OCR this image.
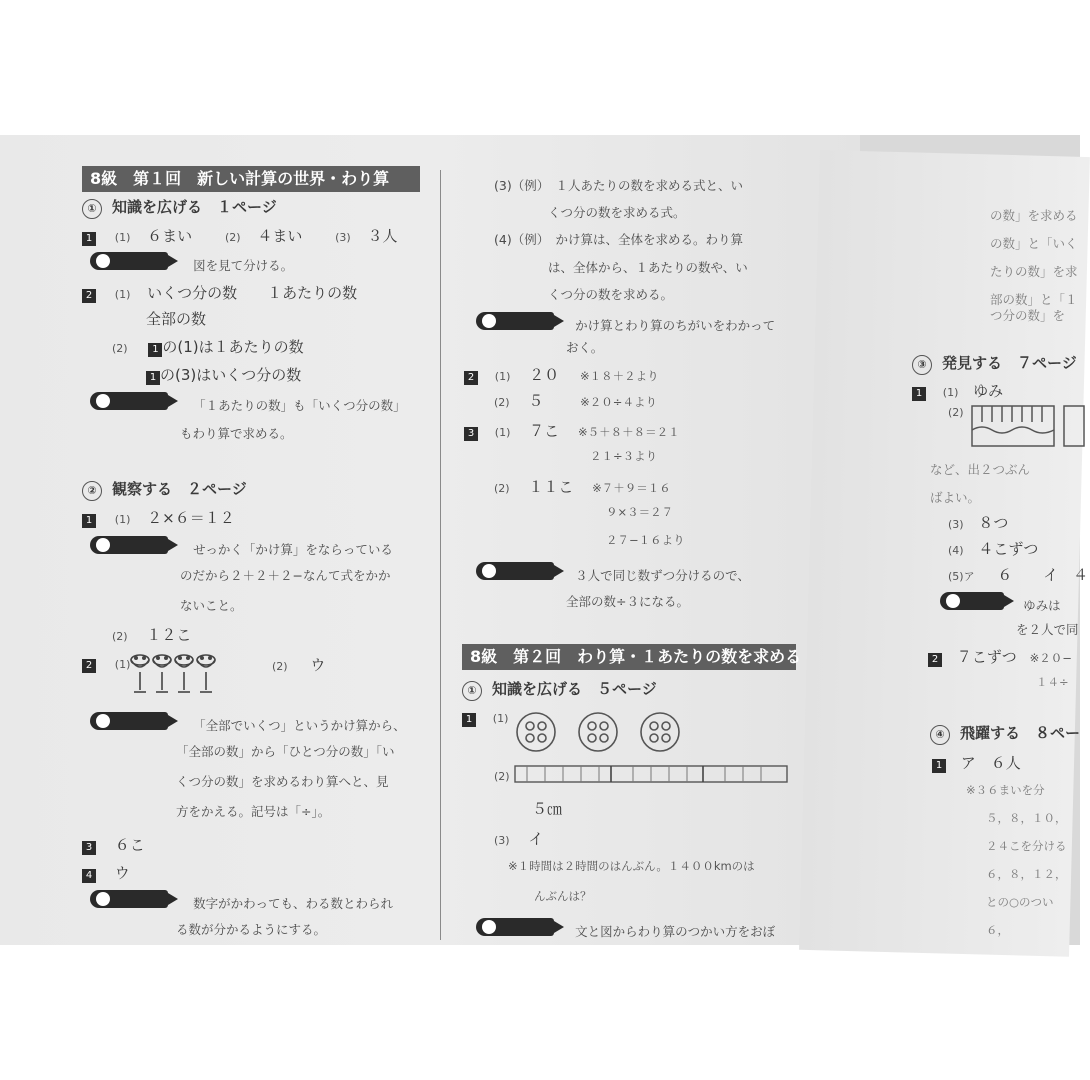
8級　第１回　新しい計算の世界・わり算
① 知識を広げる　１ページ
1 (1) ６まい	(2) ４まい	(3) ３人
図を見て分ける。
2 (1) いくつ分の数　　１あたりの数
全部の数
(2) 1 の(1)は１あたりの数
1 の(3)はいくつ分の数
「１あたりの数」も「いくつ分の数」
もわり算で求める。
② 観察する　２ページ
1 (1) ２×６＝１２
せっかく「かけ算」をならっている
のだから２＋２＋２−なんて式をかか
ないこと。
(2) １２こ
2 (1)	(2) ウ
「全部でいくつ」というかけ算から、
「全部の数」から「ひとつ分の数」「い
くつ分の数」を求めるわり算へと、見
方をかえる。記号は「÷」。
3 ６こ
4 ウ
数字がかわっても、わる数とわられ
る数が分かるようにする。
(3)（例）　１人あたりの数を求める式と、い
くつ分の数を求める式。
(4)（例）　かけ算は、全体を求める。わり算
は、全体から、１あたりの数や、い
くつ分の数を求める。
かけ算とわり算のちがいをわかって
おく。
2 (1) ２０ ※１８＋２より
(2) ５	※２０÷４より
3 (1) ７こ ※５＋８＋８＝２１
２１÷３より
(2) １１こ ※７＋９＝１６
９×３＝２７
２７−１６より
３人で同じ数ずつ分けるので、
全部の数÷３になる。
8級　第２回　わり算・１あたりの数を求める
① 知識を広げる　５ページ
1 (1)
(2)
５㎝
(3) イ
※１時間は２時間のはんぶん。１４００kmのは
んぶんは？
文と図からわり算のつかい方をおぼ
の数」を求める
の数」と「いく
たりの数」を求
部の数」と「１
つ分の数」を
③ 発見する　７ページ
1 (1) ゆみ
(2)
など、出２つぶん
ばよい。
(3) ８つ
(4) ４こずつ
(5)ア ６ イ　４
ゆみは
を２人で同
2 ７こずつ ※２０−
１４÷
④ 飛躍する　８ペー
1 ア　６人
※３６まいを分
５，８，１０，
２４こを分ける
６，８，１２，
との○のつい
６，
